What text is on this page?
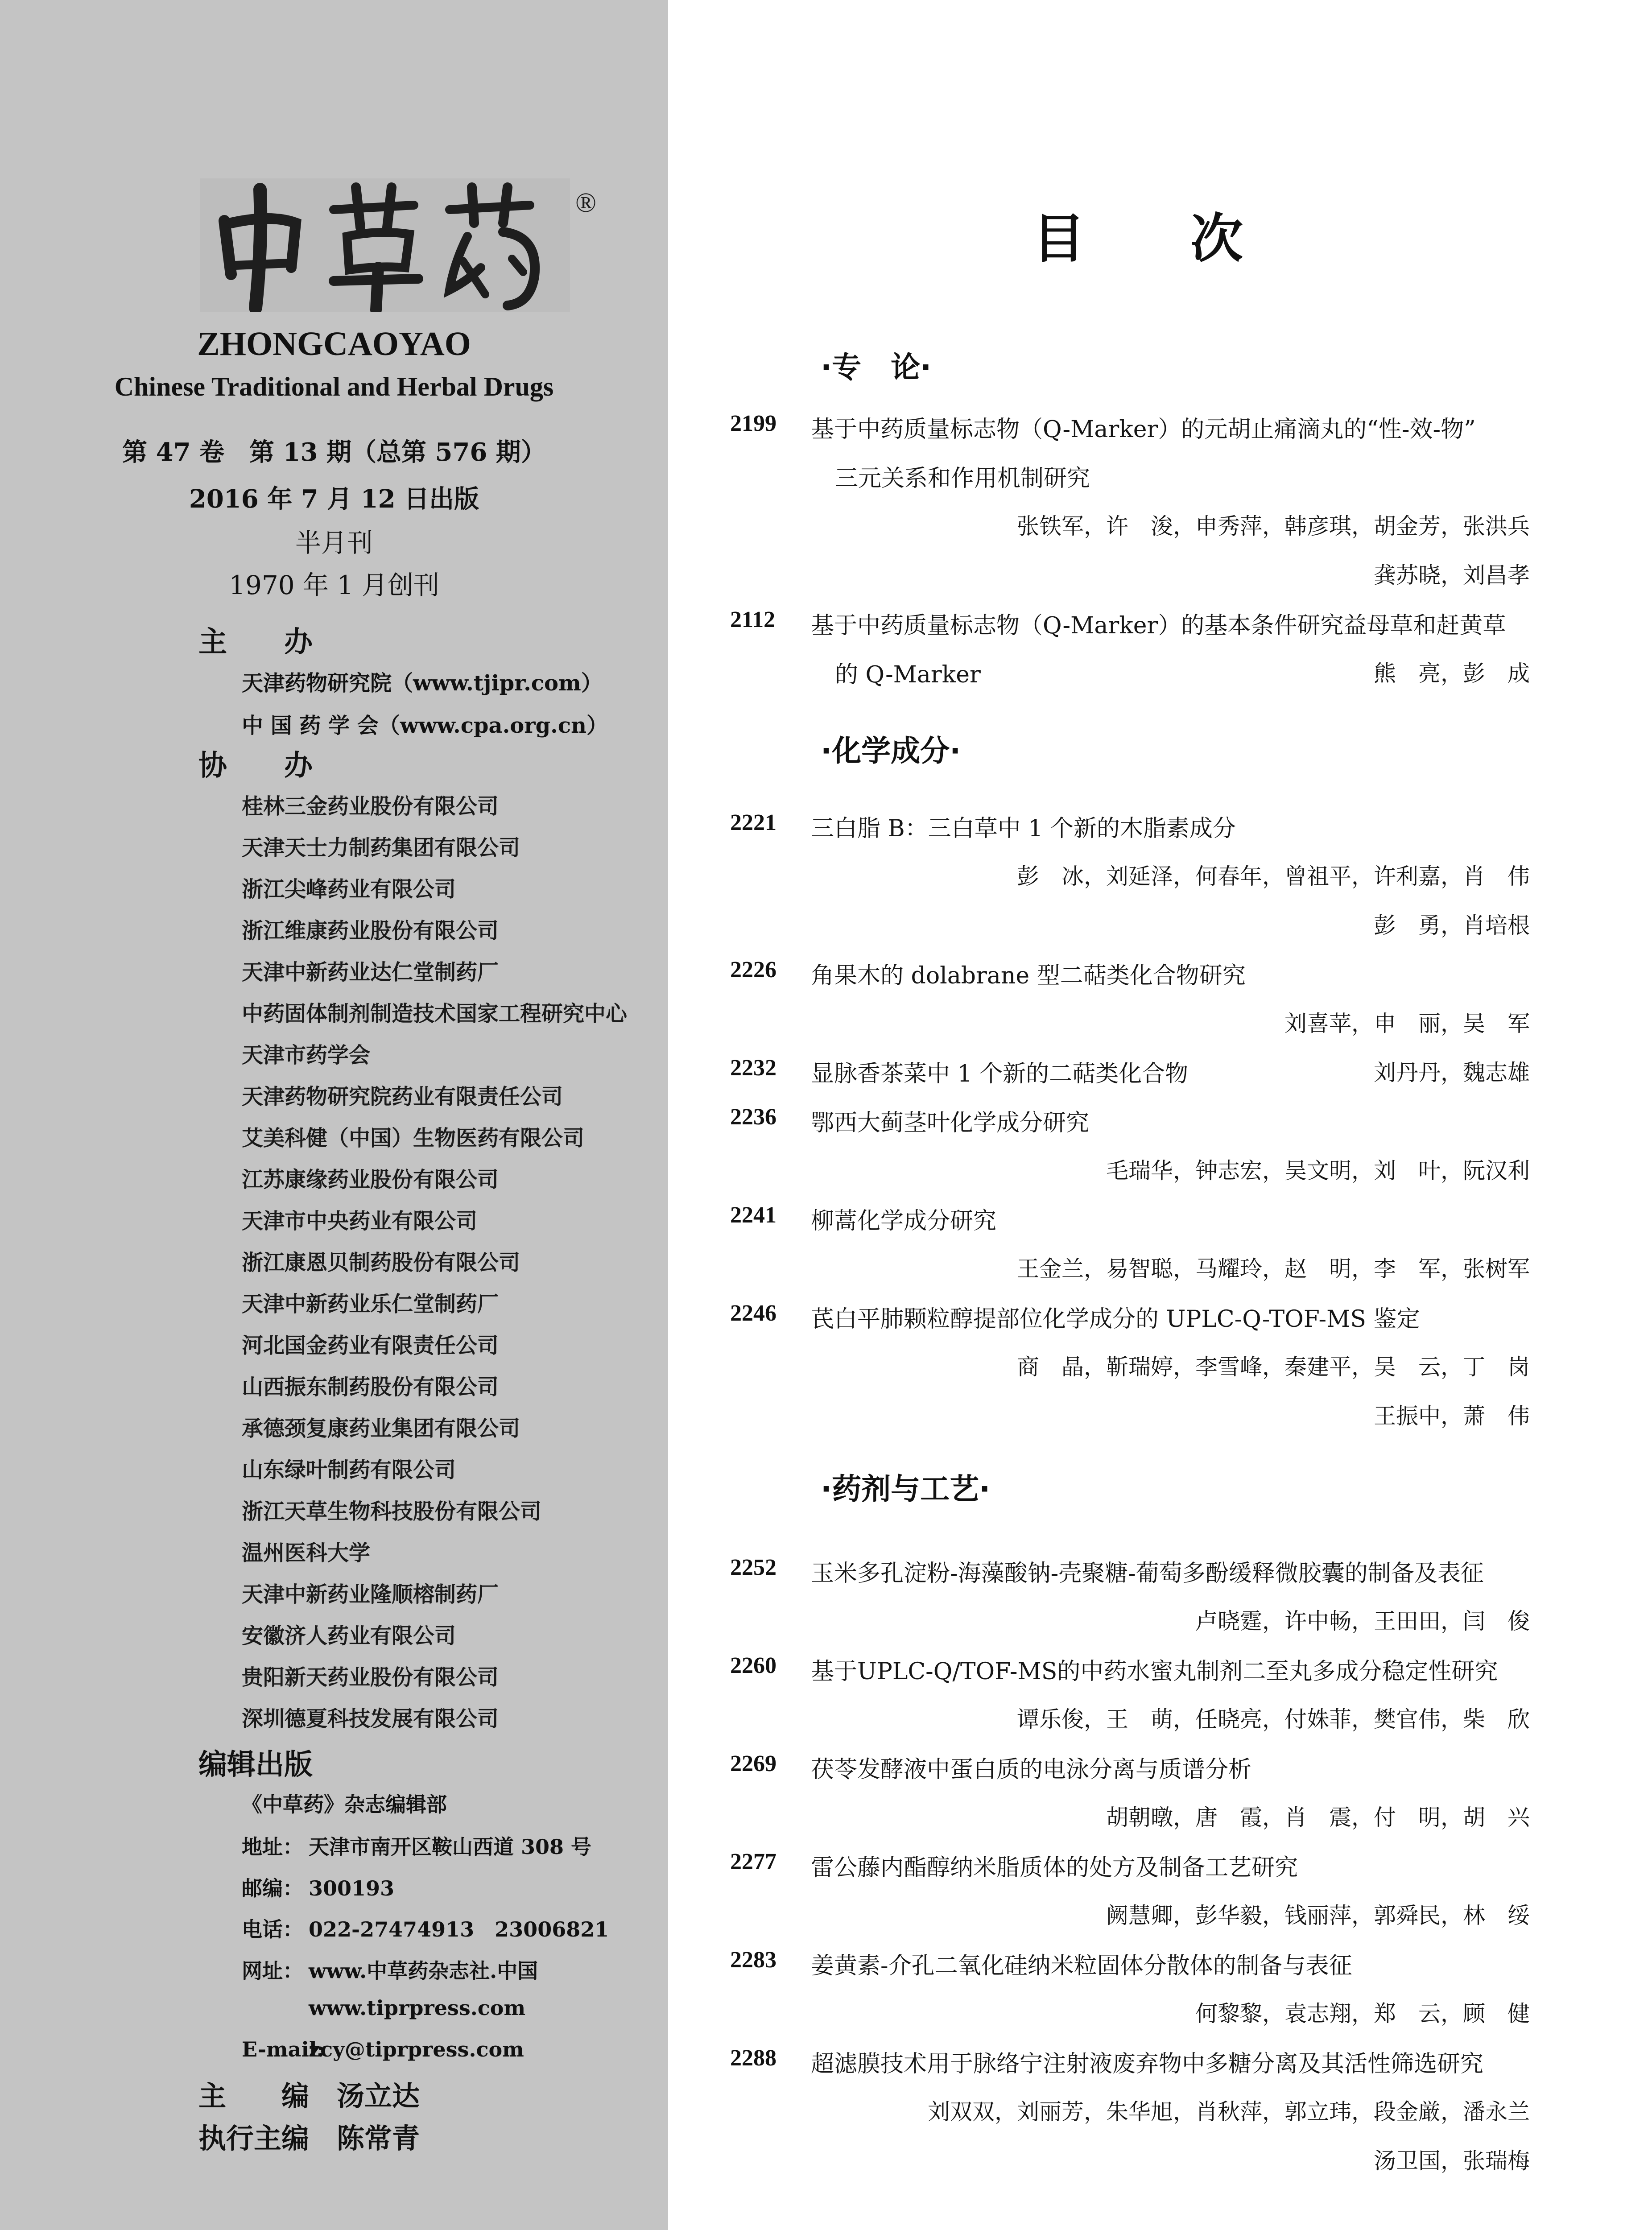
®
ZHONGCAOYAO
Chinese Traditional and Herbal Drugs
第 47 卷　第 13 期（总第 576 期）
2016 年 7 月 12 日出版
半月刊
1970 年 1 月创刊
主　　办
天津药物研究院（www.tjipr.com）
中 国 药 学 会（www.cpa.org.cn）
协　　办
桂林三金药业股份有限公司
天津天士力制药集团有限公司
浙江尖峰药业有限公司
浙江维康药业股份有限公司
天津中新药业达仁堂制药厂
中药固体制剂制造技术国家工程研究中心
天津市药学会
天津药物研究院药业有限责任公司
艾美科健（中国）生物医药有限公司
江苏康缘药业股份有限公司
天津市中央药业有限公司
浙江康恩贝制药股份有限公司
天津中新药业乐仁堂制药厂
河北国金药业有限责任公司
山西振东制药股份有限公司
承德颈复康药业集团有限公司
山东绿叶制药有限公司
浙江天草生物科技股份有限公司
温州医科大学
天津中新药业隆顺榕制药厂
安徽济人药业有限公司
贵阳新天药业股份有限公司
深圳德夏科技发展有限公司
编辑出版
《中草药》杂志编辑部
地址： 天津市南开区鞍山西道 308 号
邮编： 300193
电话： 022-27474913　23006821
网址： www.中草药杂志社.中国
www.tiprpress.com
E-mail:zcy@tiprpress.com
主　　编　 汤立达
执行主编　 陈常青
目　　次
·专　论·
2199 基于中药质量标志物（Q-Marker）的元胡止痛滴丸的“性-效-物”
三元关系和作用机制研究
张铁军，许　浚，申秀萍，韩彦琪，胡金芳，张洪兵
龚苏晓，刘昌孝
2112 基于中药质量标志物（Q-Marker）的基本条件研究益母草和赶黄草
的 Q-Marker	熊　亮，彭　成
·化学成分·
2221 三白脂 B：三白草中 1 个新的木脂素成分
彭　冰，刘延泽，何春年，曾祖平，许利嘉，肖　伟
彭　勇，肖培根
2226 角果木的 dolabrane 型二萜类化合物研究
刘喜苹，申　丽，吴　军
2232 显脉香茶菜中 1 个新的二萜类化合物	刘丹丹，魏志雄
2236 鄂西大蓟茎叶化学成分研究
毛瑞华，钟志宏，吴文明，刘　叶，阮汉利
2241 柳蒿化学成分研究
王金兰，易智聪，马耀玲，赵　明，李　军，张树军
2246 芪白平肺颗粒醇提部位化学成分的 UPLC-Q-TOF-MS 鉴定
商　晶，靳瑞婷，李雪峰，秦建平，吴　云，丁　岗
王振中，萧　伟
·药剂与工艺·
2252 玉米多孔淀粉-海藻酸钠-壳聚糖-葡萄多酚缓释微胶囊的制备及表征
卢晓霆，许中畅，王田田，闫　俊
2260 基于UPLC-Q/TOF-MS的中药水蜜丸制剂二至丸多成分稳定性研究
谭乐俊，王　萌，任晓亮，付姝菲，樊官伟，柴　欣
2269 茯苓发酵液中蛋白质的电泳分离与质谱分析
胡朝暾，唐　霞，肖　震，付　明，胡　兴
2277 雷公藤内酯醇纳米脂质体的处方及制备工艺研究
阙慧卿，彭华毅，钱丽萍，郭舜民，林　绥
2283 姜黄素-介孔二氧化硅纳米粒固体分散体的制备与表征
何黎黎，袁志翔，郑　云，顾　健
2288 超滤膜技术用于脉络宁注射液废弃物中多糖分离及其活性筛选研究
刘双双，刘丽芳，朱华旭，肖秋萍，郭立玮，段金厳，潘永兰
汤卫国，张瑞梅
